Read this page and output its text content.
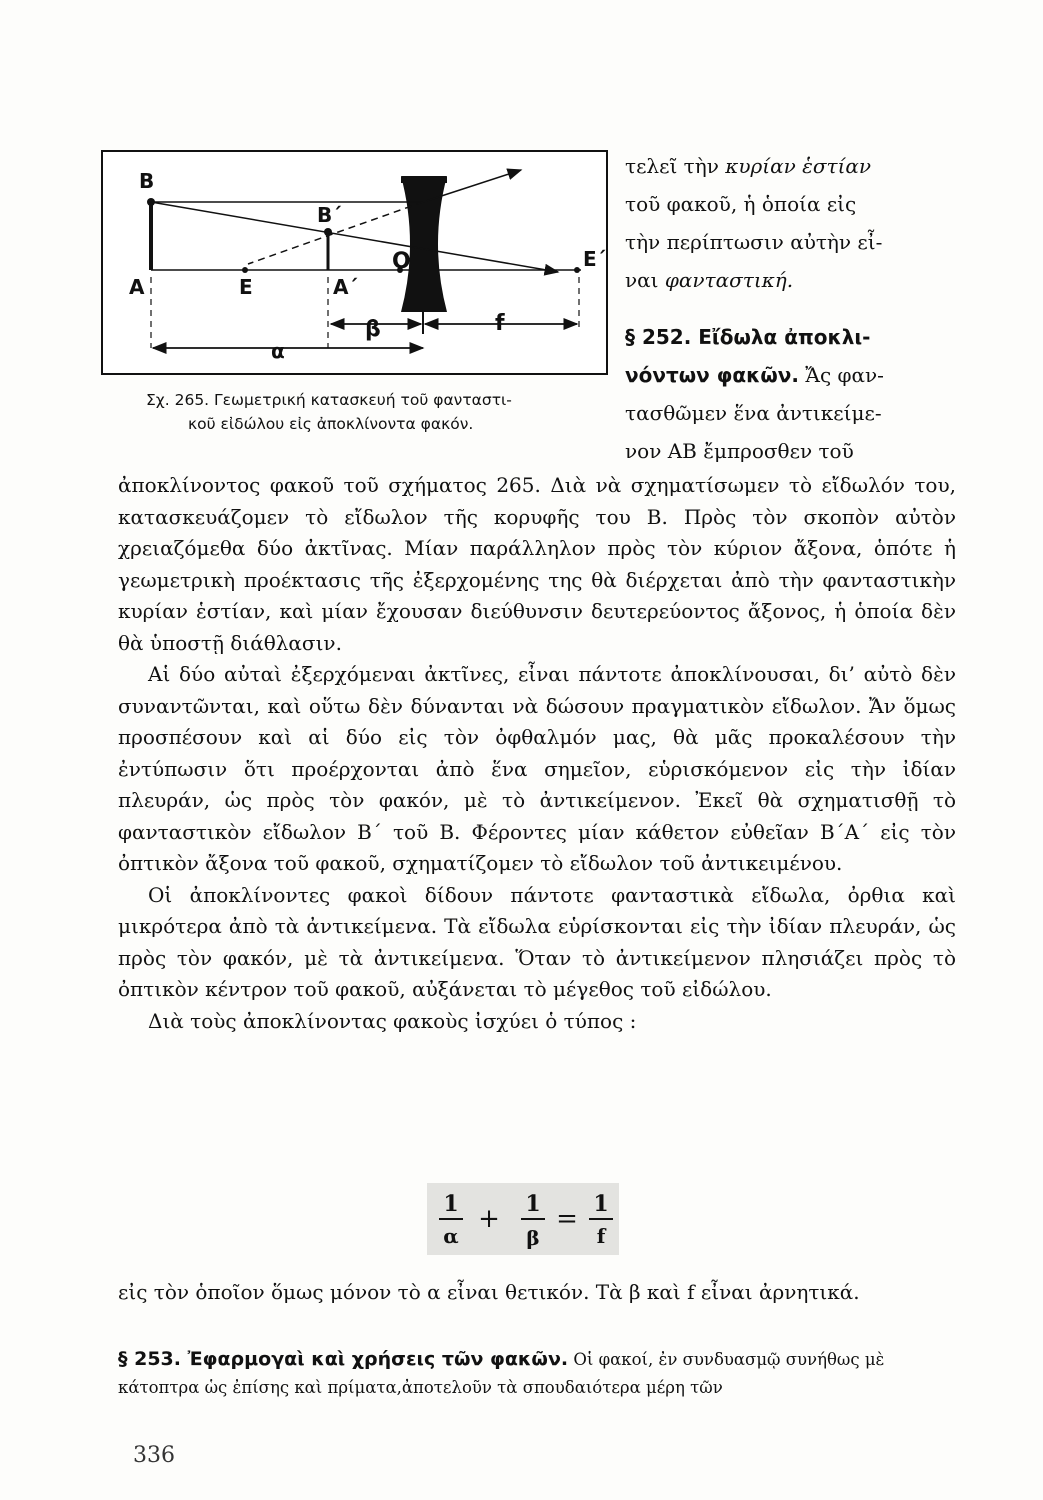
B
B΄
A	E	A΄
O	E΄
β	f
α
Σχ. 265. Γεωμετρική κατασκευή τοῦ φανταστι-
κοῦ εἰδώλου εἰς ἀποκλίνοντα φακόν.
τελεῖ τὴν κυρίαν ἑστίαν
τοῦ φακοῦ, ἡ ὁποία εἰς
τὴν περίπτωσιν αὐτὴν εἶ-
ναι φανταστική.
§ 252. Εἴδωλα ἀποκλι-
νόντων φακῶν. Ἄς φαν-
τασθῶμεν ἕνα ἀντικείμε-
νον ΑΒ ἔμπροσθεν τοῦ

ἀποκλίνοντος φακοῦ τοῦ σχήματος 265. Διὰ νὰ σχηματίσωμεν τὸ εἴδωλόν του, κατασκευάζομεν τὸ εἴδωλον τῆς κορυφῆς του Β. Πρὸς τὸν σκοπὸν αὐτὸν χρειαζόμεθα δύο ἀκτῖνας. Μίαν παράλληλον πρὸς τὸν κύριον ἄξονα, ὁπότε ἡ γεωμετρικὴ προέκτασις τῆς ἐξερχομένης της θὰ διέρχεται ἀπὸ τὴν φανταστικὴν κυρίαν ἑστίαν, καὶ μίαν ἔχουσαν διεύθυνσιν δευτερεύοντος ἄξονος, ἡ ὁποία δὲν θὰ ὑποστῇ διάθλασιν.

Αἱ δύο αὐταὶ ἐξερχόμεναι ἀκτῖνες, εἶναι πάντοτε ἀποκλίνουσαι, δι’ αὐτὸ δὲν συναντῶνται, καὶ οὕτω δὲν δύνανται νὰ δώσουν πραγματικὸν εἴδωλον. Ἄν ὅμως προσπέσουν καὶ αἱ δύο εἰς τὸν ὀφθαλμόν μας, θὰ μᾶς προκαλέσουν τὴν ἐντύπωσιν ὅτι προέρχονται ἀπὸ ἕνα σημεῖον, εὑρισκόμενον εἰς τὴν ἰδίαν πλευράν, ὡς πρὸς τὸν φακόν, μὲ τὸ ἀντικείμενον. Ἐκεῖ θὰ σχηματισθῇ τὸ φανταστικὸν εἴδωλον Β΄ τοῦ Β. Φέροντες μίαν κάθετον εὐθεῖαν Β΄Α΄ εἰς τὸν ὀπτικὸν ἄξονα τοῦ φακοῦ, σχηματίζομεν τὸ εἴδωλον τοῦ ἀντικειμένου.

Οἱ ἀποκλίνοντες φακοὶ δίδουν πάντοτε φανταστικὰ εἴδωλα, ὀρθια καὶ μικρότερα ἀπὸ τὰ ἀντικείμενα. Τὰ εἴδωλα εὑρίσκονται εἰς τὴν ἰδίαν πλευράν, ὡς πρὸς τὸν φακόν, μὲ τὰ ἀντικείμενα. Ὅταν τὸ ἀντικείμενον πλησιάζει πρὸς τὸ ὀπτικὸν κέντρον τοῦ φακοῦ, αὐξάνεται τὸ μέγεθος τοῦ εἰδώλου.

Διὰ τοὺς ἀποκλίνοντας φακοὺς ἰσχύει ὁ τύπος :

1
α
+ 1
β
= 1
f
εἰς τὸν ὁποῖον ὅμως μόνον τὸ α εἶναι θετικόν. Τὰ β καὶ f εἶναι ἀρνητικά.
§ 253. Ἐφαρμογαὶ καὶ χρήσεις τῶν φακῶν. Οἱ φακοί, ἐν συνδυασμῷ συνήθως μὲ κάτοπτρα ὡς ἐπίσης καὶ πρίματα,ἀποτελοῦν τὰ σπουδαιότερα μέρη τῶν
336
